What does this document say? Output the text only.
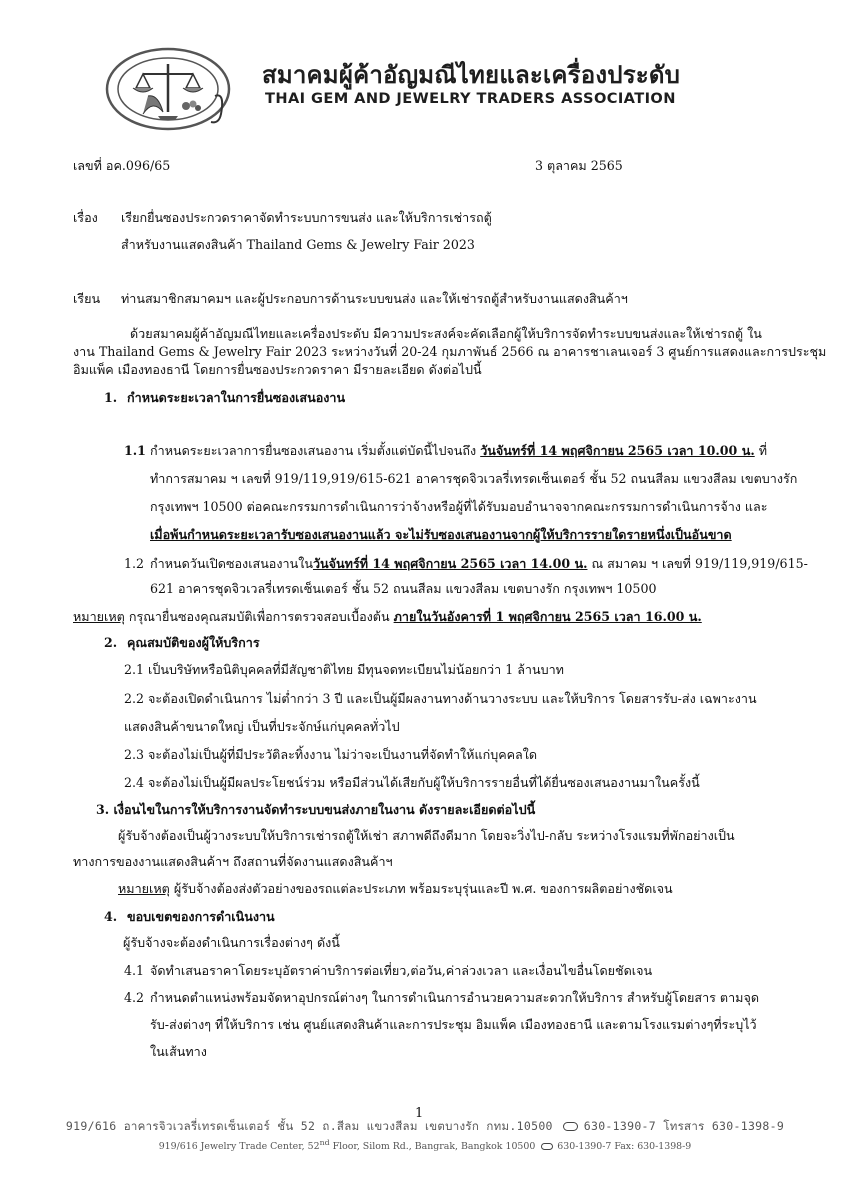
สมาคมผู้ค้าอัญมณีไทยและเครื่องประดับ
THAI GEM AND JEWELRY TRADERS ASSOCIATION
เลขที่ อค.096/65	3 ตุลาคม 2565
เรื่อง เรียกยื่นซองประกวดราคาจัดทำระบบการขนส่ง และให้บริการเช่ารถตู้
สำหรับงานแสดงสินค้า Thailand Gems & Jewelry Fair 2023
เรียน ท่านสมาชิกสมาคมฯ และผู้ประกอบการด้านระบบขนส่ง และให้เช่ารถตู้สำหรับงานแสดงสินค้าฯ
ด้วยสมาคมผู้ค้าอัญมณีไทยและเครื่องประดับ มีความประสงค์จะคัดเลือกผู้ให้บริการจัดทำระบบขนส่งและให้เช่ารถตู้ ใน
งาน Thailand Gems & Jewelry Fair 2023 ระหว่างวันที่ 20-24 กุมภาพันธ์ 2566 ณ อาคารชาเลนเจอร์ 3 ศูนย์การแสดงและการประชุม
อิมแพ็ค เมืองทองธานี โดยการยื่นซองประกวดราคา มีรายละเอียด ดังต่อไปนี้
1. กำหนดระยะเวลาในการยื่นซองเสนองาน
1.1 กำหนดระยะเวลาการยื่นซองเสนองาน เริ่มตั้งแต่บัดนี้ไปจนถึง วันจันทร์ที่ 14 พฤศจิกายน 2565 เวลา 10.00 น. ที่
ทำการสมาคม ฯ เลขที่ 919/119,919/615-621 อาคารชุดจิวเวลรี่เทรดเซ็นเตอร์ ชั้น 52 ถนนสีลม แขวงสีลม เขตบางรัก
กรุงเทพฯ 10500 ต่อคณะกรรมการดำเนินการว่าจ้างหรือผู้ที่ได้รับมอบอำนาจจากคณะกรรมการดำเนินการจ้าง และ
เมื่อพ้นกำหนดระยะเวลารับซองเสนองานแล้ว จะไม่รับซองเสนองานจากผู้ให้บริการรายใดรายหนึ่งเป็นอันขาด
1.2 กำหนดวันเปิดซองเสนองานในวันจันทร์ที่ 14 พฤศจิกายน 2565 เวลา 14.00 น. ณ สมาคม ฯ เลขที่ 919/119,919/615-
621 อาคารชุดจิวเวลรี่เทรดเซ็นเตอร์ ชั้น 52 ถนนสีลม แขวงสีลม เขตบางรัก กรุงเทพฯ 10500
หมายเหตุ กรุณายื่นซองคุณสมบัติเพื่อการตรวจสอบเบื้องต้น ภายในวันอังคารที่ 1 พฤศจิกายน 2565 เวลา 16.00 น.
2. คุณสมบัติของผู้ให้บริการ
2.1 เป็นบริษัทหรือนิติบุคคลที่มีสัญชาติไทย มีทุนจดทะเบียนไม่น้อยกว่า 1 ล้านบาท
2.2 จะต้องเปิดดำเนินการ ไม่ต่ำกว่า 3 ปี และเป็นผู้มีผลงานทางด้านวางระบบ และให้บริการ โดยสารรับ-ส่ง เฉพาะงาน
แสดงสินค้าขนาดใหญ่ เป็นที่ประจักษ์แก่บุคคลทั่วไป
2.3 จะต้องไม่เป็นผู้ที่มีประวัติละทิ้งงาน ไม่ว่าจะเป็นงานที่จัดทำให้แก่บุคคลใด
2.4 จะต้องไม่เป็นผู้มีผลประโยชน์ร่วม หรือมีส่วนได้เสียกับผู้ให้บริการรายอื่นที่ได้ยื่นซองเสนองานมาในครั้งนี้
3. เงื่อนไขในการให้บริการงานจัดทำระบบขนส่งภายในงาน ดังรายละเอียดต่อไปนี้
ผู้รับจ้างต้องเป็นผู้วางระบบให้บริการเช่ารถตู้ให้เช่า สภาพดีถึงดีมาก โดยจะวิ่งไป-กลับ ระหว่างโรงแรมที่พักอย่างเป็น
ทางการของงานแสดงสินค้าฯ ถึงสถานที่จัดงานแสดงสินค้าฯ
หมายเหตุ ผู้รับจ้างต้องส่งตัวอย่างของรถแต่ละประเภท พร้อมระบุรุ่นและปี พ.ศ. ของการผลิตอย่างชัดเจน
4. ขอบเขตของการดำเนินงาน
ผู้รับจ้างจะต้องดำเนินการเรื่องต่างๆ ดังนี้
4.1 จัดทำเสนอราคาโดยระบุอัตราค่าบริการต่อเที่ยว,ต่อวัน,ค่าล่วงเวลา และเงื่อนไขอื่นโดยชัดเจน
4.2 กำหนดตำแหน่งพร้อมจัดหาอุปกรณ์ต่างๆ ในการดำเนินการอำนวยความสะดวกให้บริการ สำหรับผู้โดยสาร ตามจุด
รับ-ส่งต่างๆ ที่ให้บริการ เช่น ศูนย์แสดงสินค้าและการประชุม อิมแพ็ค เมืองทองธานี และตามโรงแรมต่างๆที่ระบุไว้
ในเส้นทาง
1
919/616 อาคารจิวเวลรี่เทรดเซ็นเตอร์ ชั้น 52 ถ.สีลม แขวงสีลม เขตบางรัก กทม.10500	630-1390-7 โทรสาร 630-1398-9
919/616 Jewelry Trade Center, 52nd Floor, Silom Rd., Bangrak, Bangkok 10500 630-1390-7 Fax: 630-1398-9
